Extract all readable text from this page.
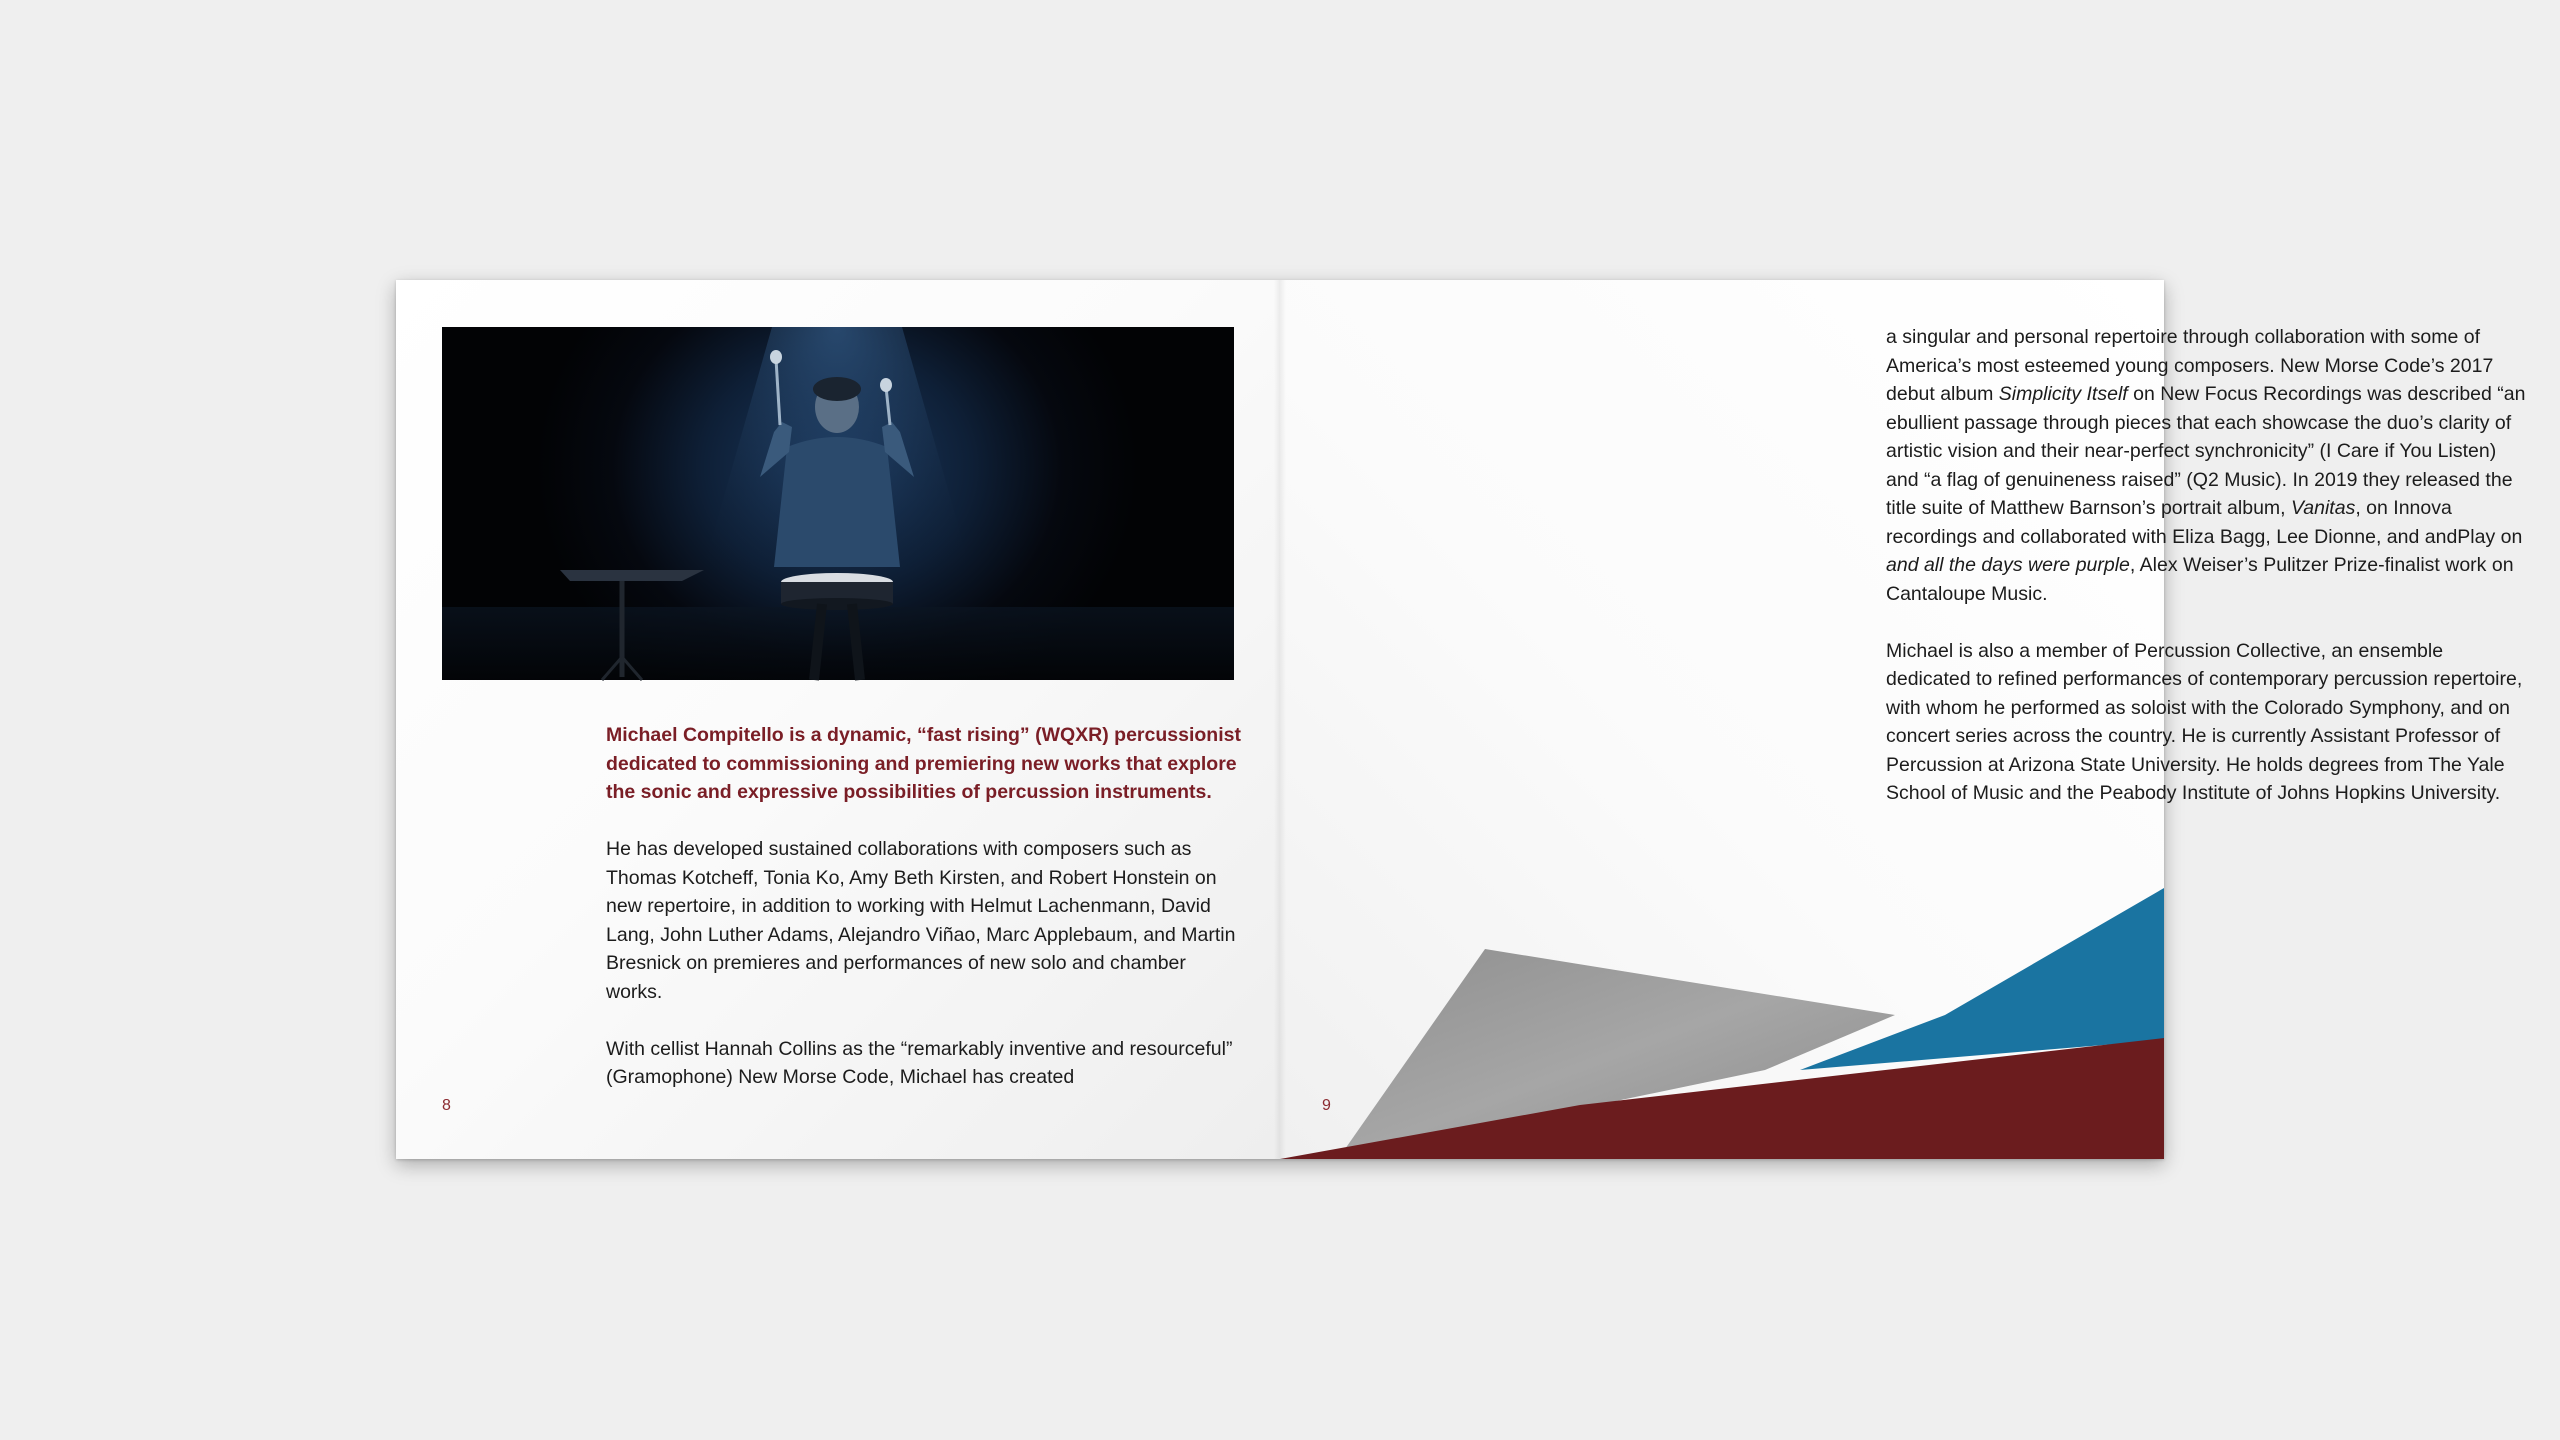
Michael Compitello is a dynamic, “fast rising” (WQXR) percussionist dedicated to commissioning and premiering new works that explore the sonic and expressive possibilities of percussion instruments.

He has developed sustained collaborations with composers such as Thomas Kotcheff, Tonia Ko, Amy Beth Kirsten, and Robert Honstein on new repertoire, in addition to working with Helmut Lachenmann, David Lang, John Luther Adams, Alejandro Viñao, Marc Applebaum, and Martin Bresnick on premieres and performances of new solo and chamber works.

With cellist Hannah Collins as the “remarkably inventive and resourceful” (Gramophone) New Morse Code, Michael has created

8

a singular and personal repertoire through collaboration with some of America’s most esteemed young composers. New Morse Code’s 2017 debut album Simplicity Itself on New Focus Recordings was described “an ebullient passage through pieces that each showcase the duo’s clarity of artistic vision and their near-perfect synchronicity” (I Care if You Listen) and “a flag of genuineness raised” (Q2 Music). In 2019 they released the title suite of Matthew Barnson’s portrait album, Vanitas, on Innova recordings and collaborated with Eliza Bagg, Lee Dionne, and andPlay on and all the days were purple, Alex Weiser’s Pulitzer Prize-finalist work on Cantaloupe Music.

Michael is also a member of Percussion Collective, an ensemble dedicated to refined performances of contemporary percussion repertoire, with whom he performed as soloist with the Colorado Symphony, and on concert series across the country. He is currently Assistant Professor of Percussion at Arizona State University. He holds degrees from The Yale School of Music and the Peabody Institute of Johns Hopkins University.

9
